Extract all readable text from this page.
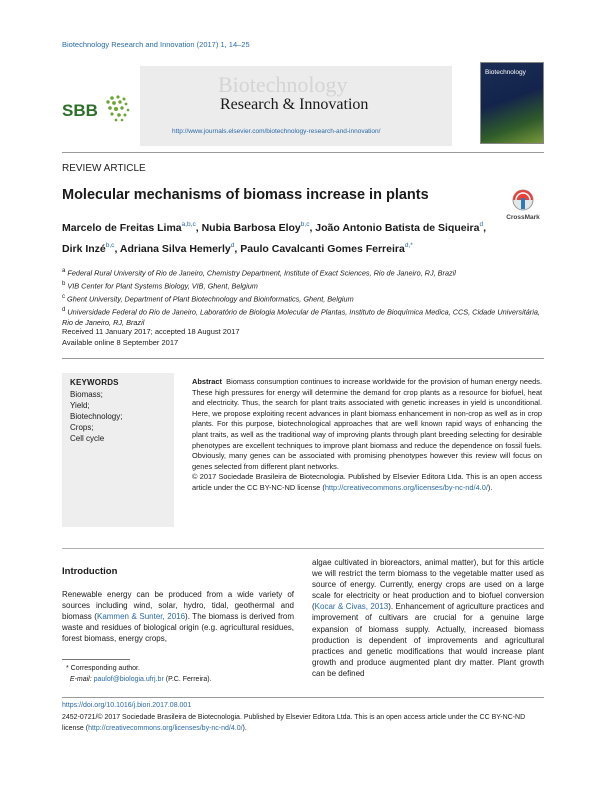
Biotechnology Research and Innovation (2017) 1, 14–25
SBB
Biotechnology
Research & Innovation
http://www.journals.elsevier.com/biotechnology-research-and-innovation/
Biotechnology
REVIEW ARTICLE
Molecular mechanisms of biomass increase in plants
CrossMark
Marcelo de Freitas Lima$^{a,b,c}$, Nubia Barbosa Eloy$^{b,c}$, João Antonio Batista de Siqueira$^d$,
Dirk Inzé$^{b,c}$, Adriana Silva Hemerly$^d$, Paulo Cavalcanti Gomes Ferreira$^{d,*}$
$^a$ Federal Rural University of Rio de Janeiro, Chemistry Department, Institute of Exact Sciences, Rio de Janeiro, RJ, Brazil
$^b$ VIB Center for Plant Systems Biology, VIB, Ghent, Belgium
$^c$ Ghent University, Department of Plant Biotechnology and Bioinformatics, Ghent, Belgium
$^d$ Universidade Federal do Rio de Janeiro, Laboratório de Biologia Molecular de Plantas, Instituto de Bioquímica Medica, CCS, Cidade Universitária, Rio de Janeiro, RJ, Brazil
Received 11 January 2017; accepted 18 August 2017
Available online 8 September 2017
KEYWORDS
Biomass;
Yield;
Biotechnology;
Crops;
Cell cycle
Abstract Biomass consumption continues to increase worldwide for the provision of human energy needs. These high pressures for energy will determine the demand for crop plants as a resource for biofuel, heat and electricity. Thus, the search for plant traits associated with genetic increases in yield is unconditional. Here, we propose exploiting recent advances in plant biomass enhancement in non-crop as well as in crop plants. For this purpose, biotechnological approaches that are well known rapid ways of enhancing the plant traits, as well as the traditional way of improving plants through plant breeding selecting for desirable phenotypes are excellent techniques to improve plant biomass and reduce the dependence on fossil fuels. Obviously, many genes can be associated with promising phenotypes however this review will focus on genes selected from different plant networks.
© 2017 Sociedade Brasileira de Biotecnologia. Published by Elsevier Editora Ltda. This is an open access article under the CC BY-NC-ND license (http://creativecommons.org/licenses/by-nc-nd/4.0/).
Introduction
Renewable energy can be produced from a wide variety of sources including wind, solar, hydro, tidal, geothermal and biomass (Kammen & Sunter, 2016). The biomass is derived from waste and residues of biological origin (e.g. agricultural residues, forest biomass, energy crops,
algae cultivated in bioreactors, animal matter), but for this article we will restrict the term biomass to the vegetable matter used as source of energy. Currently, energy crops are used on a large scale for electricity or heat production and to biofuel conversion (Kocar & Civas, 2013). Enhancement of agriculture practices and improvement of cultivars are crucial for a genuine large expansion of biomass supply. Actually, increased biomass production is dependent of improvements and agricultural practices and genetic modifications that would increase plant growth and produce augmented plant dry matter. Plant growth can be defined
* Corresponding author.
E-mail: paulof@biologia.ufrj.br (P.C. Ferreira).
https://doi.org/10.1016/j.biori.2017.08.001
2452-0721/© 2017 Sociedade Brasileira de Biotecnologia. Published by Elsevier Editora Ltda. This is an open access article under the CC BY-NC-ND license (http://creativecommons.org/licenses/by-nc-nd/4.0/).
